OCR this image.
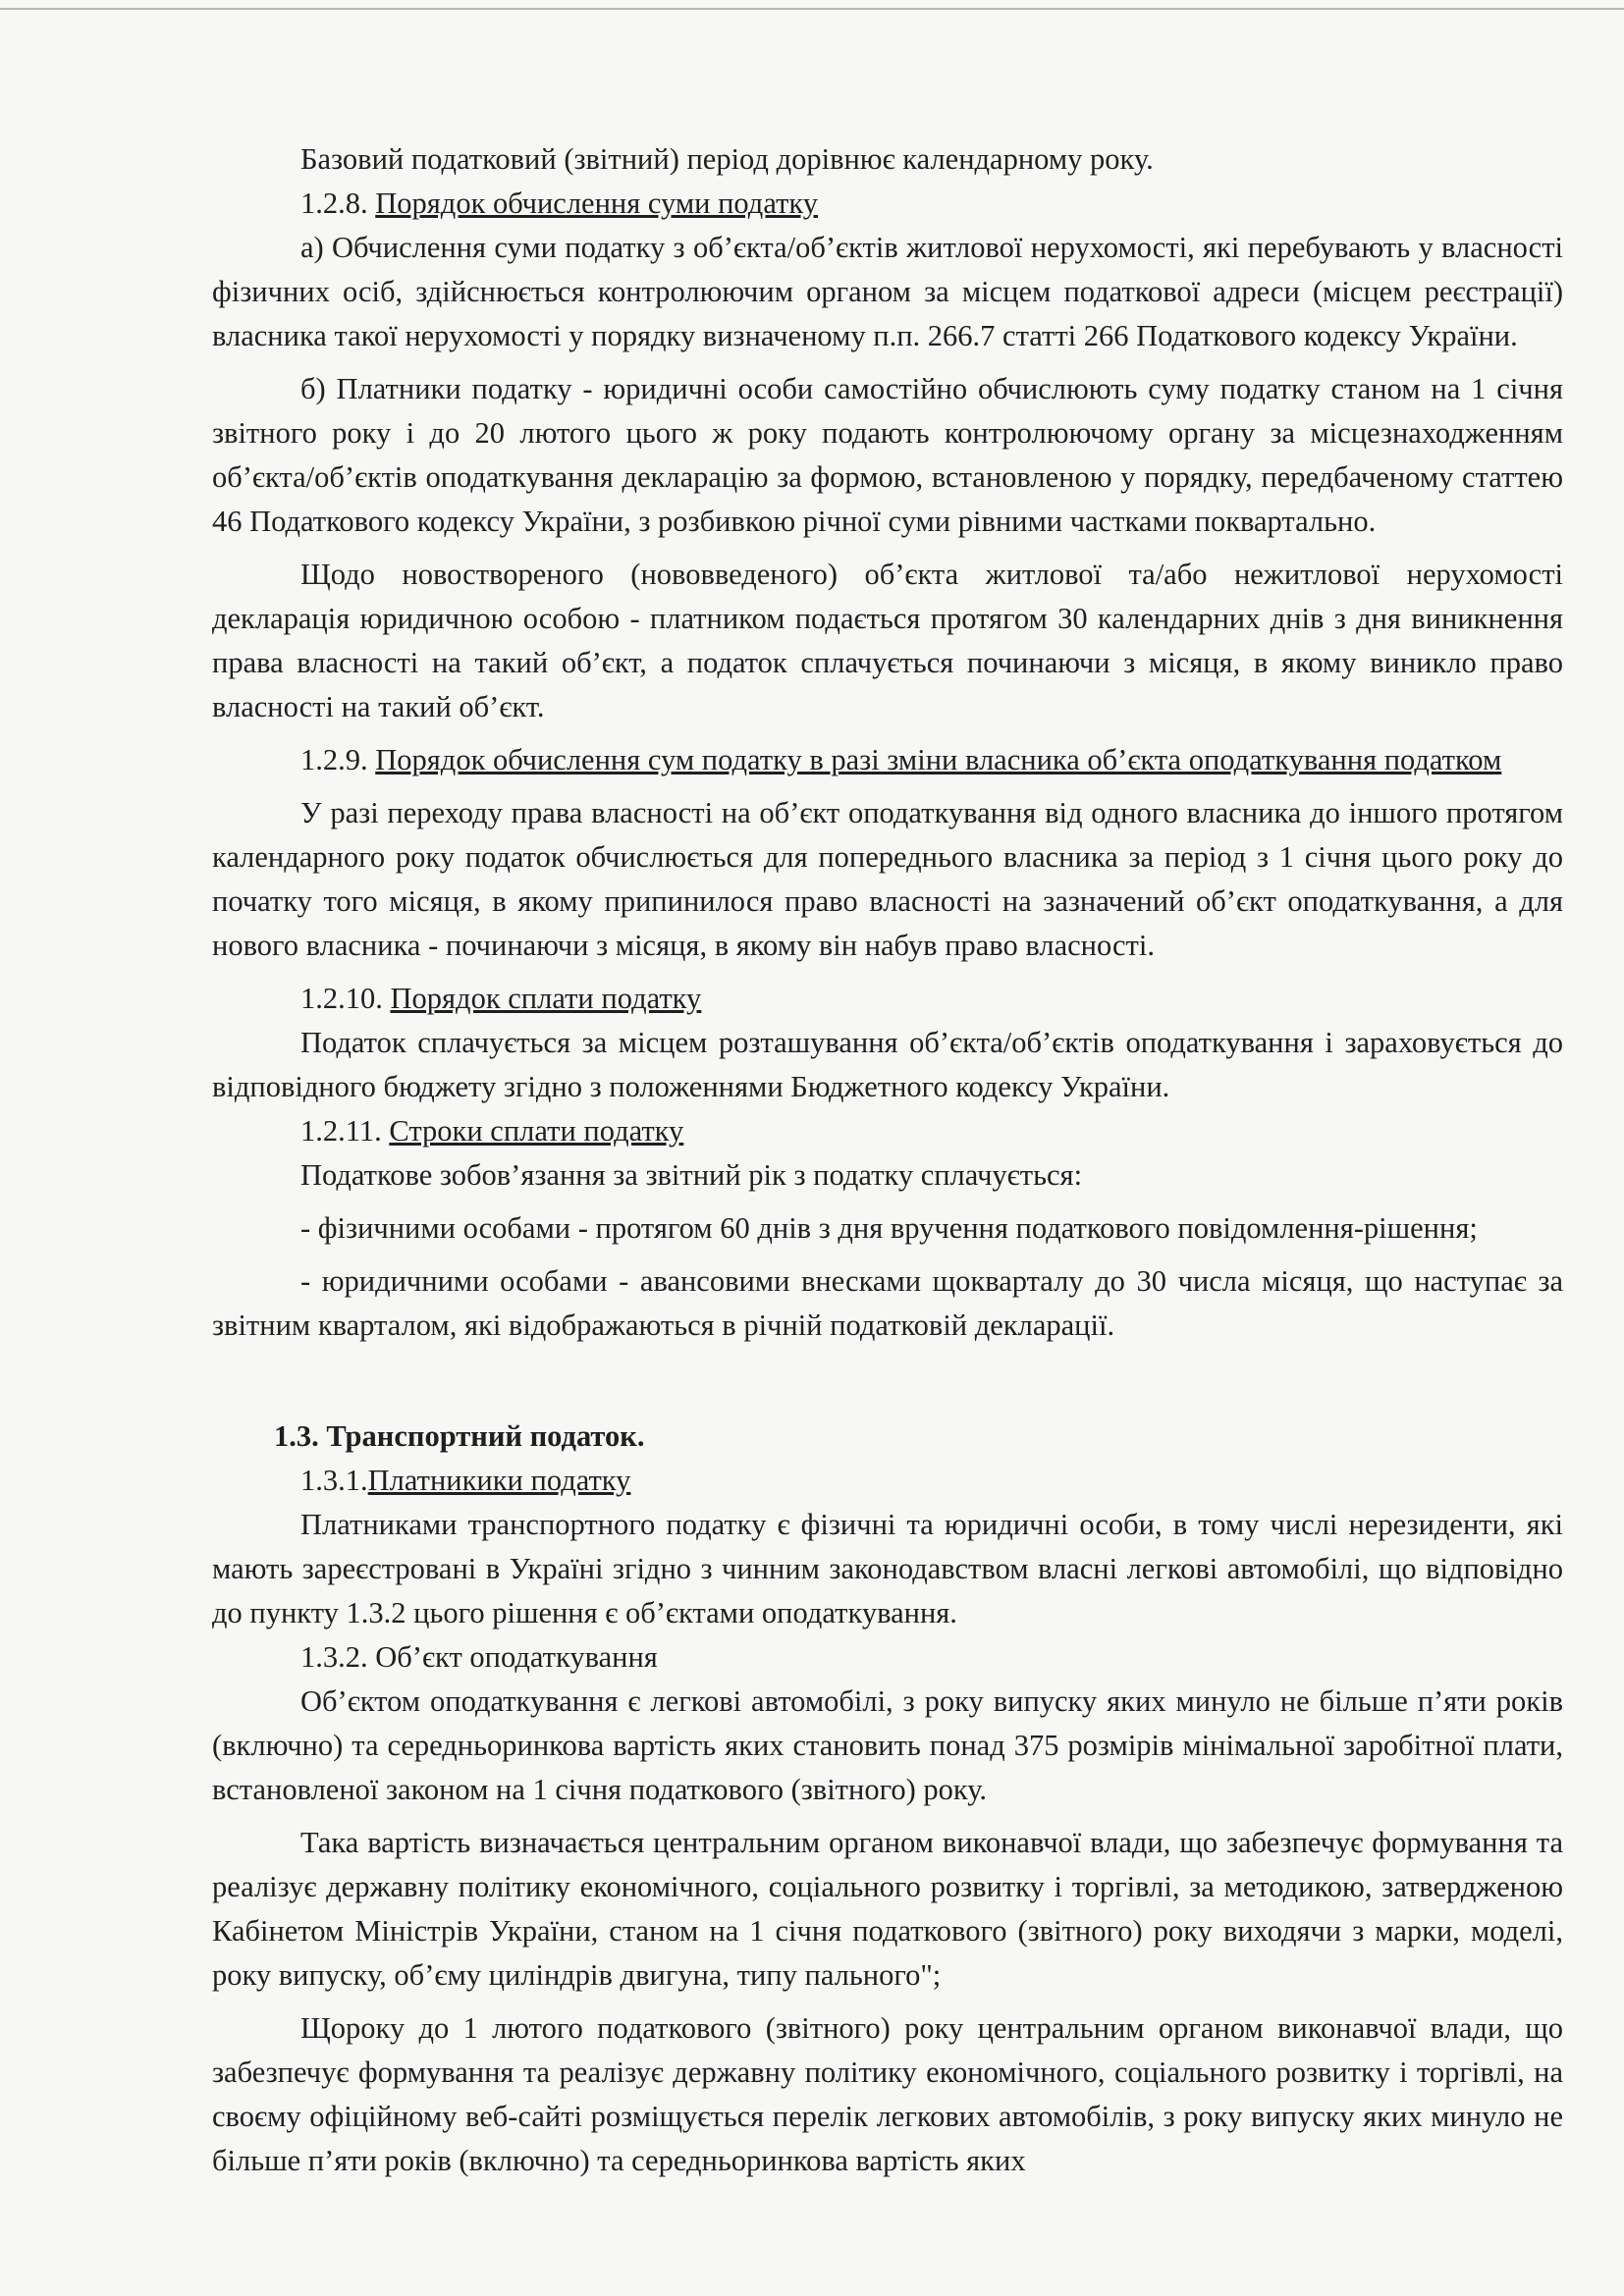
Базовий податковий (звітний) період дорівнює календарному року.

1.2.8. Порядок обчислення суми податку

а) Обчислення суми податку з об’єкта/об’єктів житлової нерухомості, які перебувають у власності фізичних осіб, здійснюється контролюючим органом за місцем податкової адреси (місцем реєстрації) власника такої нерухомості у порядку визначеному п.п. 266.7 статті 266 Податкового кодексу України.

б) Платники податку - юридичні особи самостійно обчислюють суму податку станом на 1 січня звітного року і до 20 лютого цього ж року подають контролюючому органу за місцезнаходженням об’єкта/об’єктів оподаткування декларацію за формою, встановленою у порядку, передбаченому статтею 46 Податкового кодексу України, з розбивкою річної суми рівними частками поквартально.

Щодо новоствореного (нововведеного) об’єкта житлової та/або нежитлової нерухомості декларація юридичною особою - платником подається протягом 30 календарних днів з дня виникнення права власності на такий об’єкт, а податок сплачується починаючи з місяця, в якому виникло право власності на такий об’єкт.

1.2.9. Порядок обчислення сум податку в разі зміни власника об’єкта оподаткування податком

У разі переходу права власності на об’єкт оподаткування від одного власника до іншого протягом календарного року податок обчислюється для попереднього власника за період з 1 січня цього року до початку того місяця, в якому припинилося право власності на зазначений об’єкт оподаткування, а для нового власника - починаючи з місяця, в якому він набув право власності.

1.2.10. Порядок сплати податку

Податок сплачується за місцем розташування об’єкта/об’єктів оподаткування і зараховується до відповідного бюджету згідно з положеннями Бюджетного кодексу України.

1.2.11. Строки сплати податку

Податкове зобов’язання за звітний рік з податку сплачується:

- фізичними особами - протягом 60 днів з дня вручення податкового повідомлення-рішення;

- юридичними особами - авансовими внесками щокварталу до 30 числа місяця, що наступає за звітним кварталом, які відображаються в річній податковій декларації.

1.3. Транспортний податок.

1.3.1.Платникики податку

Платниками транспортного податку є фізичні та юридичні особи, в тому числі нерезиденти, які мають зареєстровані в Україні згідно з чинним законодавством власні легкові автомобілі, що відповідно до пункту 1.3.2 цього рішення є об’єктами оподаткування.

1.3.2. Об’єкт оподаткування

Об’єктом оподаткування є легкові автомобілі, з року випуску яких минуло не більше п’яти років (включно) та середньоринкова вартість яких становить понад 375 розмірів мінімальної заробітної плати, встановленої законом на 1 січня податкового (звітного) року.

Така вартість визначається центральним органом виконавчої влади, що забезпечує формування та реалізує державну політику економічного, соціального розвитку і торгівлі, за методикою, затвердженою Кабінетом Міністрів України, станом на 1 січня податкового (звітного) року виходячи з марки, моделі, року випуску, об’єму циліндрів двигуна, типу пального";

Щороку до 1 лютого податкового (звітного) року центральним органом виконавчої влади, що забезпечує формування та реалізує державну політику економічного, соціального розвитку і торгівлі, на своєму офіційному веб-сайті розміщується перелік легкових автомобілів, з року випуску яких минуло не більше п’яти років (включно) та середньоринкова вартість яких
